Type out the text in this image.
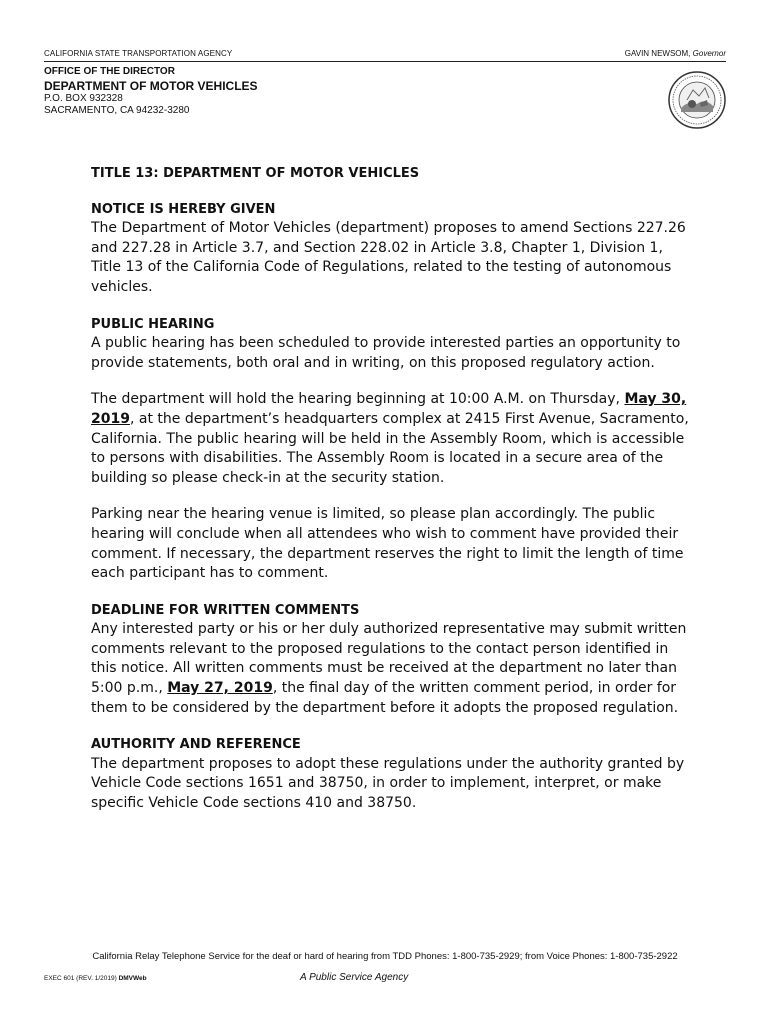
CALIFORNIA STATE TRANSPORTATION AGENCY	GAVIN NEWSOM, Governor
OFFICE OF THE DIRECTOR
DEPARTMENT OF MOTOR VEHICLES
P.O. BOX 932328
SACRAMENTO, CA 94232-3280
TITLE 13: DEPARTMENT OF MOTOR VEHICLES
NOTICE IS HEREBY GIVEN

The Department of Motor Vehicles (department) proposes to amend Sections 227.26 and 227.28 in Article 3.7, and Section 228.02 in Article 3.8, Chapter 1, Division 1, Title 13 of the California Code of Regulations, related to the testing of autonomous vehicles.

PUBLIC HEARING

A public hearing has been scheduled to provide interested parties an opportunity to provide statements, both oral and in writing, on this proposed regulatory action.

The department will hold the hearing beginning at 10:00 A.M. on Thursday, May 30, 2019, at the department’s headquarters complex at 2415 First Avenue, Sacramento, California. The public hearing will be held in the Assembly Room, which is accessible to persons with disabilities. The Assembly Room is located in a secure area of the building so please check-in at the security station.

Parking near the hearing venue is limited, so please plan accordingly. The public hearing will conclude when all attendees who wish to comment have provided their comment. If necessary, the department reserves the right to limit the length of time each participant has to comment.

DEADLINE FOR WRITTEN COMMENTS

Any interested party or his or her duly authorized representative may submit written comments relevant to the proposed regulations to the contact person identified in this notice. All written comments must be received at the department no later than 5:00 p.m., May 27, 2019, the final day of the written comment period, in order for them to be considered by the department before it adopts the proposed regulation.

AUTHORITY AND REFERENCE

The department proposes to adopt these regulations under the authority granted by Vehicle Code sections 1651 and 38750, in order to implement, interpret, or make specific Vehicle Code sections 410 and 38750.

California Relay Telephone Service for the deaf or hard of hearing from TDD Phones: 1-800-735-2929; from Voice Phones: 1-800-735-2922
EXEC 601 (REV. 1/2019) DMVWeb	A Public Service Agency
